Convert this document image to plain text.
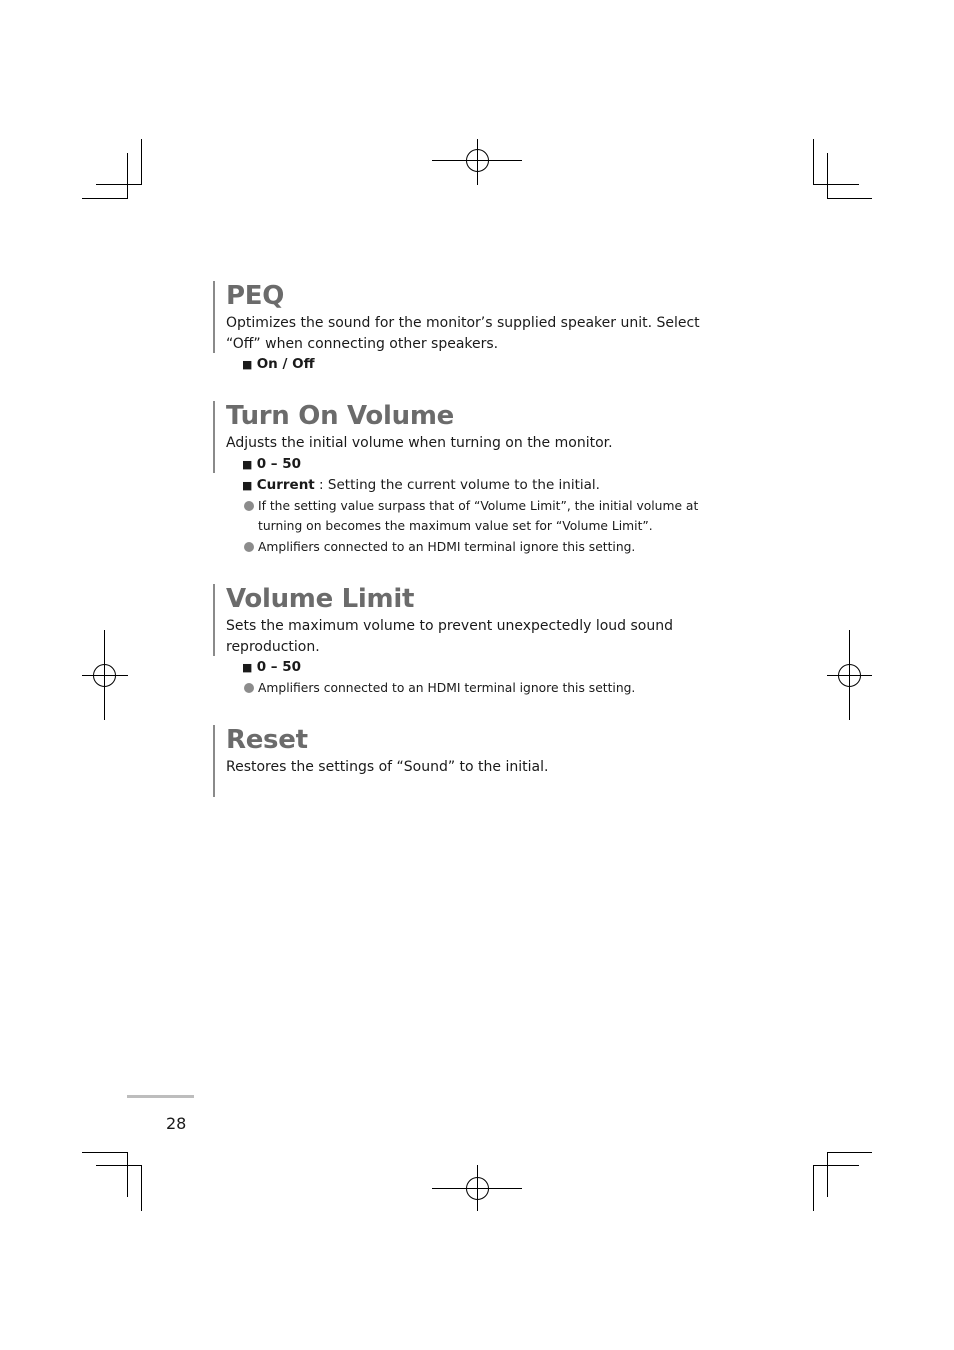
PEQ

Optimizes the sound for the monitor’s supplied speaker unit. Select “Off” when connecting other speakers.

■ On / Off
Turn On Volume

Adjusts the initial volume when turning on the monitor.

■ 0 – 50
■ Current : Setting the current volume to the initial.
If the setting value surpass that of “Volume Limit”, the initial volume at turning on becomes the maximum value set for “Volume Limit”.
Amplifiers connected to an HDMI terminal ignore this setting.
Volume Limit

Sets the maximum volume to prevent unexpectedly loud sound reproduction.

■ 0 – 50
Amplifiers connected to an HDMI terminal ignore this setting.
Reset

Restores the settings of “Sound” to the initial.

28
